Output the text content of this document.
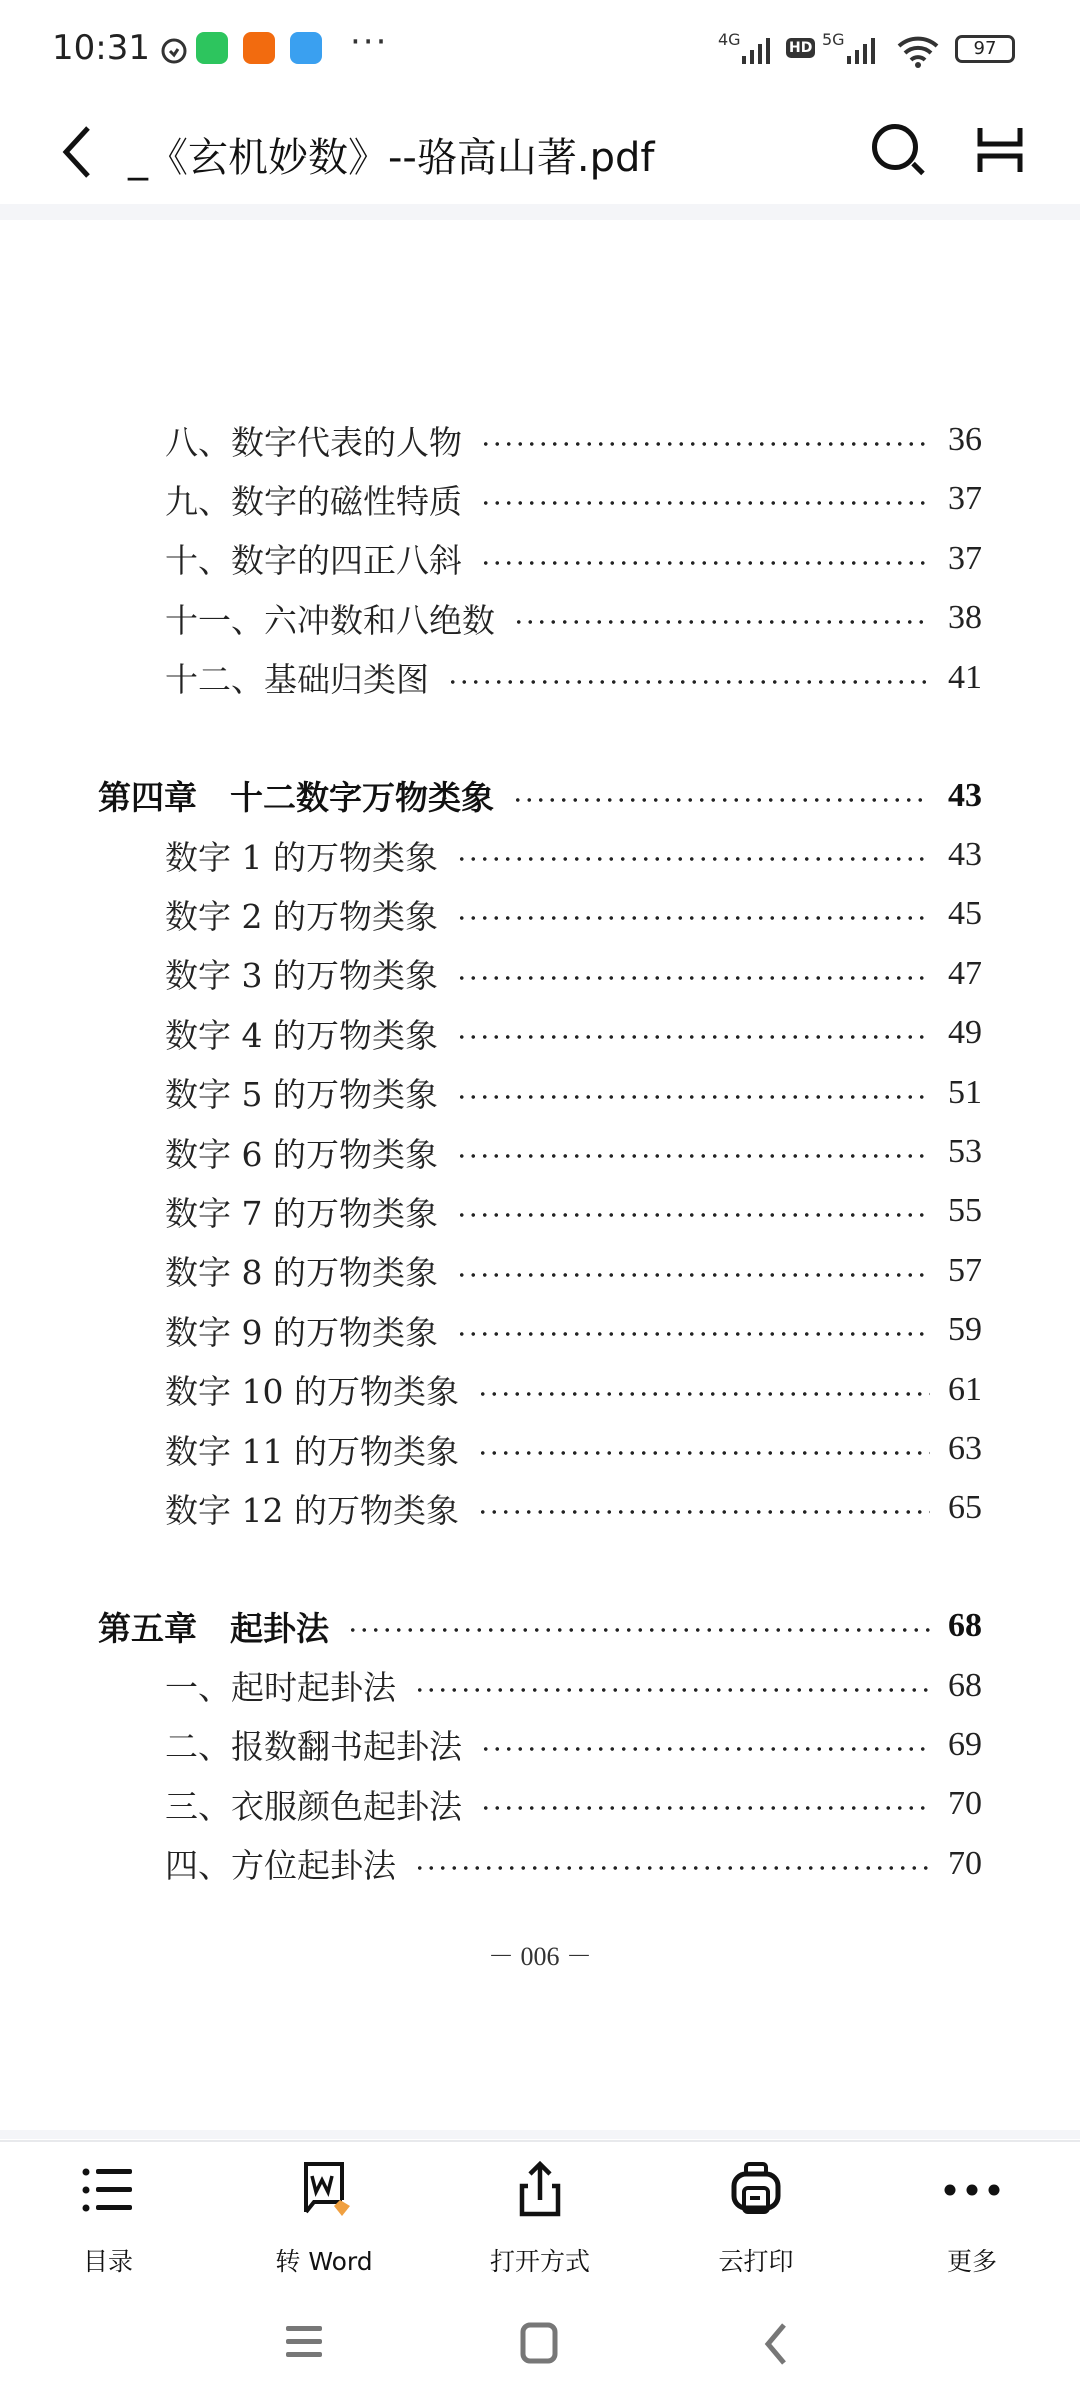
10:31	···	4G	HD 5G	97
_《玄机妙数》--骆高山著.pdf
－ 006 －
八、数字代表的人物	36
九、数字的磁性特质	37
十、数字的四正八斜	37
十一、六冲数和八绝数	38
十二、基础归类图	41
第四章　十二数字万物类象	43
数字 1 的万物类象	43
数字 2 的万物类象	45
数字 3 的万物类象	47
数字 4 的万物类象	49
数字 5 的万物类象	51
数字 6 的万物类象	53
数字 7 的万物类象	55
数字 8 的万物类象	57
数字 9 的万物类象	59
数字 10 的万物类象	61
数字 11 的万物类象	63
数字 12 的万物类象	65
第五章　起卦法	68
一、起时起卦法	68
二、报数翻书起卦法	69
三、衣服颜色起卦法	70
四、方位起卦法	70
目录	转 Word	打开方式	云打印	更多
